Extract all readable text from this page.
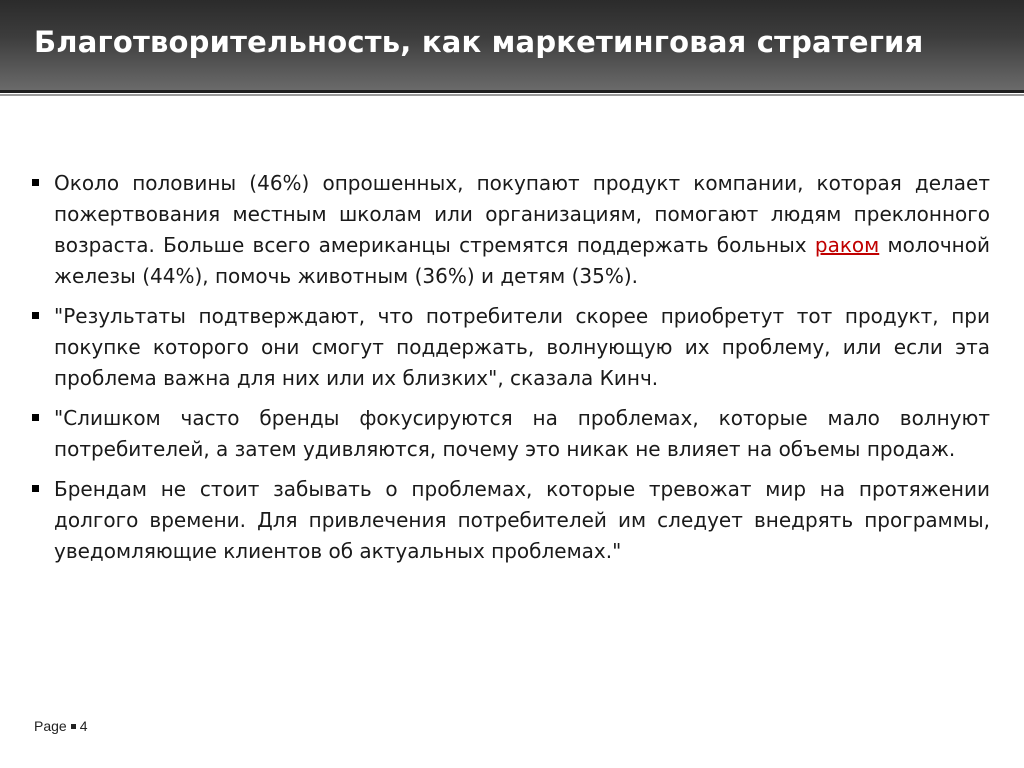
Благотворительность, как маркетинговая стратегия
Около половины (46%) опрошенных, покупают продукт компании, которая делает пожертвования местным школам или организациям, помогают людям преклонного возраста. Больше всего американцы стремятся поддержать больных раком молочной железы (44%), помочь животным (36%) и детям (35%).
"Результаты подтверждают, что потребители скорее приобретут тот продукт, при покупке которого они смогут поддержать, волнующую их проблему, или если эта проблема важна для них или их близких", сказала Кинч.
"Слишком часто бренды фокусируются на проблемах, которые мало волнуют потребителей, а затем удивляются, почему это никак не влияет на объемы продаж.
Брендам не стоит забывать о проблемах, которые тревожат мир на протяжении долгого времени. Для привлечения потребителей им следует внедрять программы, уведомляющие клиентов об актуальных проблемах."
Page 4
